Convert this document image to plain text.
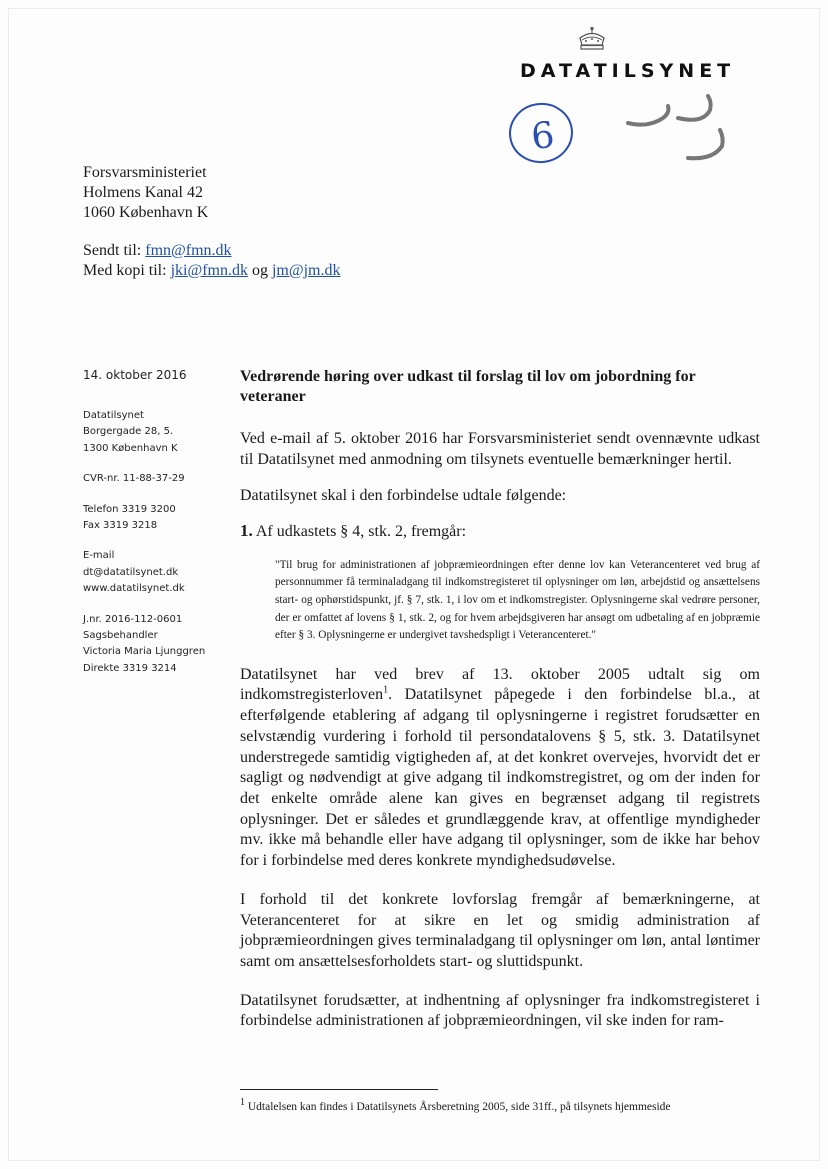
DATATILSYNET
6
Forsvarsministeriet
Holmens Kanal 42
1060 København K
Sendt til: fmn@fmn.dk
Med kopi til: jki@fmn.dk og jm@jm.dk
14. oktober 2016
Datatilsynet
Borgergade 28, 5.
1300 København K
CVR-nr. 11-88-37-29
Telefon 3319 3200
Fax 3319 3218
E-mail
dt@datatilsynet.dk
www.datatilsynet.dk
J.nr. 2016-112-0601
Sagsbehandler
Victoria Maria Ljunggren
Direkte 3319 3214
Vedrørende høring over udkast til forslag til lov om jobordning for veteraner

Ved e-mail af 5. oktober 2016 har Forsvarsministeriet sendt ovennævnte udkast til Datatilsynet med anmodning om tilsynets eventuelle bemærkninger hertil.

Datatilsynet skal i den forbindelse udtale følgende:

1. Af udkastets § 4, stk. 2, fremgår:

"Til brug for administrationen af jobpræmieordningen efter denne lov kan Veterancenteret ved brug af personnummer få terminaladgang til indkomstregisteret til oplysninger om løn, arbejdstid og ansættelsens start- og ophørstidspunkt, jf. § 7, stk. 1, i lov om et indkomstregister. Oplysningerne skal vedrøre personer, der er omfattet af lovens § 1, stk. 2, og for hvem arbejdsgiveren har ansøgt om udbetaling af en jobpræmie efter § 3. Oplysningerne er undergivet tavshedspligt i Veterancenteret."

Datatilsynet har ved brev af 13. oktober 2005 udtalt sig om indkomstregisterloven$^1$. Datatilsynet påpegede i den forbindelse bl.a., at efterfølgende etablering af adgang til oplysningerne i registret forudsætter en selvstændig vurdering i forhold til persondatalovens § 5, stk. 3. Datatilsynet understregede samtidig vigtigheden af, at det konkret overvejes, hvorvidt det er sagligt og nødvendigt at give adgang til indkomstregistret, og om der inden for det enkelte område alene kan gives en begrænset adgang til registrets oplysninger. Det er således et grundlæggende krav, at offentlige myndigheder mv. ikke må behandle eller have adgang til oplysninger, som de ikke har behov for i forbindelse med deres konkrete myndighedsudøvelse.

I forhold til det konkrete lovforslag fremgår af bemærkningerne, at Veterancenteret for at sikre en let og smidig administration af jobpræmieordningen gives terminaladgang til oplysninger om løn, antal løntimer samt om ansættelsesforholdets start- og sluttidspunkt.

Datatilsynet forudsætter, at indhentning af oplysninger fra indkomstregisteret i forbindelse administrationen af jobpræmieordningen, vil ske inden for ram-

$^1$ Udtalelsen kan findes i Datatilsynets Årsberetning 2005, side 31ff., på tilsynets hjemmeside
